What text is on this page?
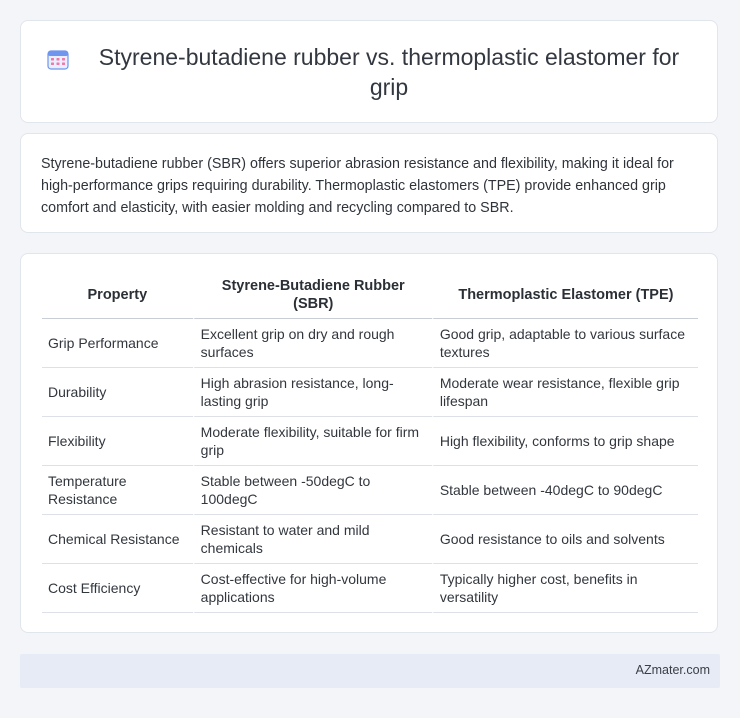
Styrene-butadiene rubber vs. thermoplastic elastomer for grip

Styrene-butadiene rubber (SBR) offers superior abrasion resistance and flexibility, making it ideal for high-performance grips requiring durability. Thermoplastic elastomers (TPE) provide enhanced grip comfort and elasticity, with easier molding and recycling compared to SBR.

Property	Styrene-Butadiene Rubber (SBR)	Thermoplastic Elastomer (TPE)
Grip Performance	Excellent grip on dry and rough surfaces	Good grip, adaptable to various surface textures
Durability	High abrasion resistance, long-lasting grip	Moderate wear resistance, flexible grip lifespan
Flexibility	Moderate flexibility, suitable for firm grip	High flexibility, conforms to grip shape
Temperature Resistance	Stable between -50degC to 100degC	Stable between -40degC to 90degC
Chemical Resistance	Resistant to water and mild chemicals	Good resistance to oils and solvents
Cost Efficiency	Cost-effective for high-volume applications	Typically higher cost, benefits in versatility
AZmater.com
